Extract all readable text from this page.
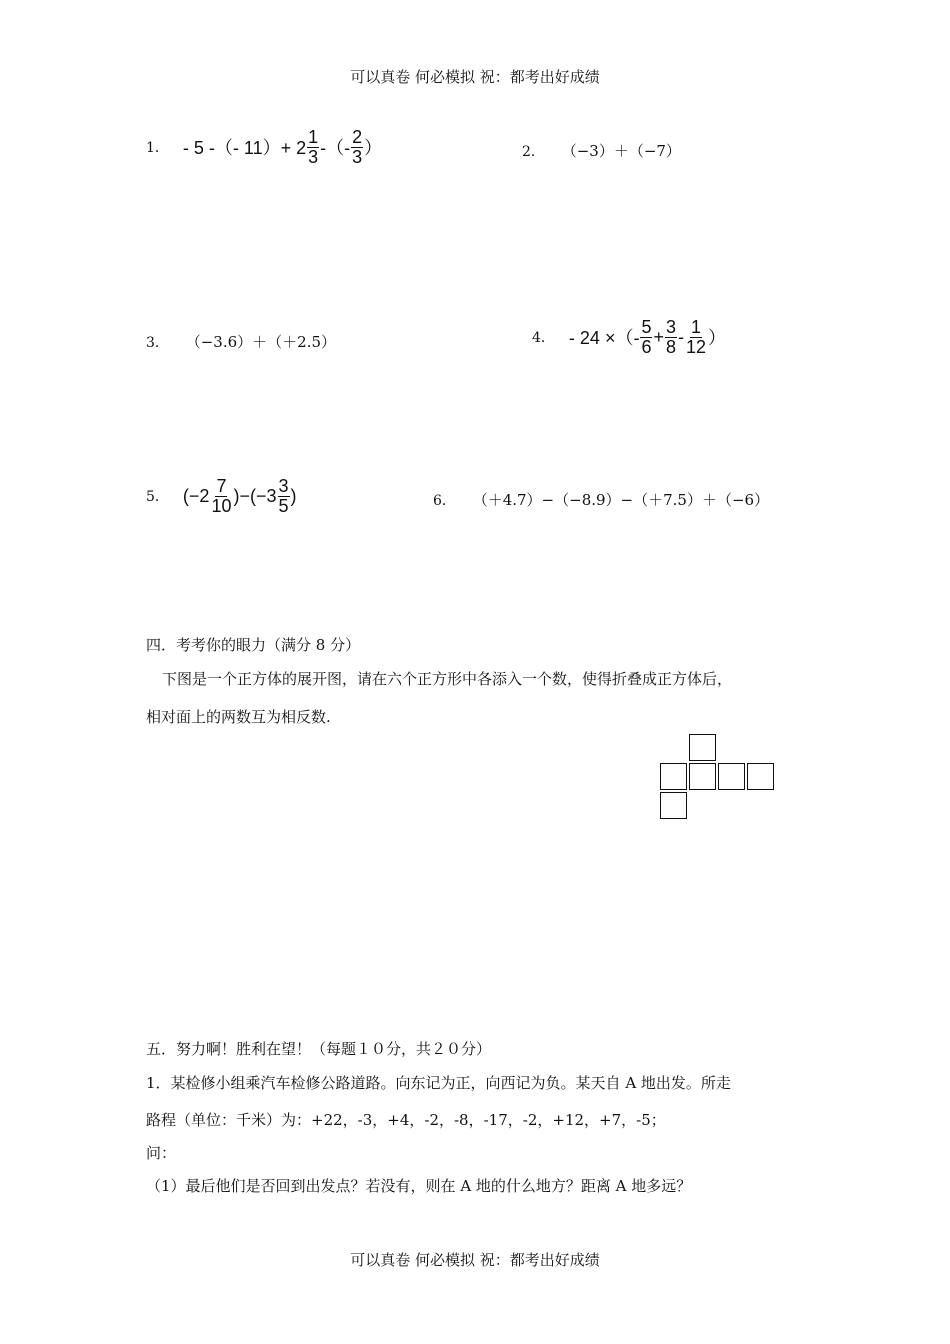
可以真卷 何必模拟 祝：都考出好成绩
1． - 5 -（- $11)+ 2 \frac{1}{3}$ -（- $\frac{2}{3}$ ）	2． （−3）＋（−7）
3． （−3.6）＋（＋2.5）	4． - 24 ×（- $\frac{5}{6} + \frac{3}{8} - \frac{1}{12}$ ）
5． $(-2 \frac{7}{10} )-(-3 \frac{3}{5}$ )	6． （＋4.7）−（−8.9）−（＋7.5）＋（−6）
四．考考你的眼力（满分 8 分）
下图是一个正方体的展开图，请在六个正方形中各添入一个数，使得折叠成正方体后，
相对面上的两数互为相反数.
五．努力啊！胜利在望！（每题１０分，共２０分）
1．某检修小组乘汽车检修公路道路。向东记为正，向西记为负。某天自 A 地出发。所走
路程（单位：千米）为：+22，-3，+4，-2，-8，-17，-2，+12，+7，-5；
问：
（1）最后他们是否回到出发点？若没有，则在 A 地的什么地方？距离 A 地多远？
可以真卷 何必模拟 祝：都考出好成绩
